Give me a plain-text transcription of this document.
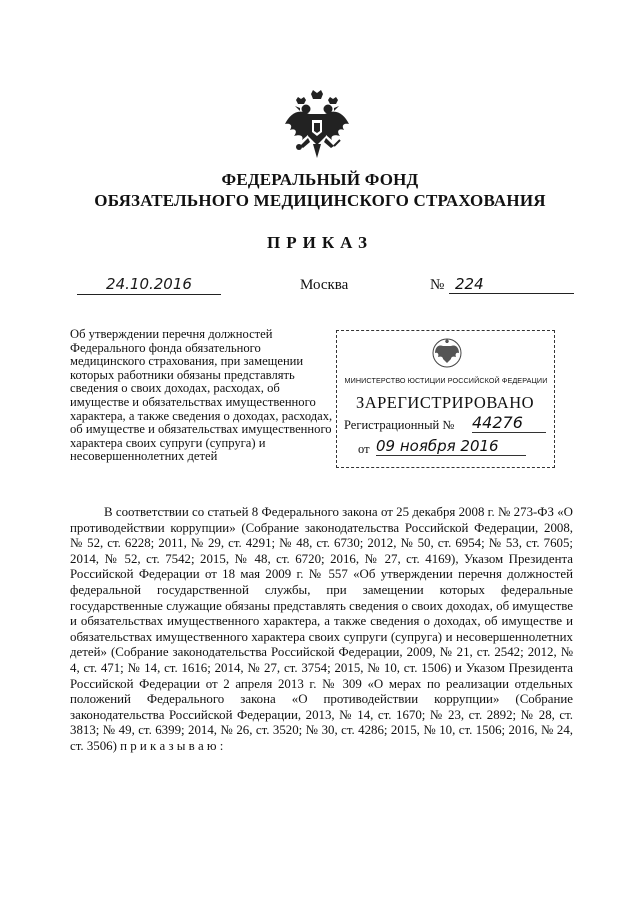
ФЕДЕРАЛЬНЫЙ ФОНД
ОБЯЗАТЕЛЬНОГО МЕДИЦИНСКОГО СТРАХОВАНИЯ
ПРИКАЗ
24.10.2016	Москва	№ 224
Об утверждении перечня должностей Федерального фонда обязательного медицинского страхования, при замещении которых работники обязаны представлять сведения о своих доходах, расходах, об имуществе и обязательствах имущественного характера, а также сведения о доходах, расходах, об имуществе и обязательствах имущественного характера своих супруги (супруга) и несовершеннолетних детей
МИНИСТЕРСТВО ЮСТИЦИИ РОССИЙСКОЙ ФЕДЕРАЦИИ
ЗАРЕГИСТРИРОВАНО
Регистрационный № 44276
от 09 ноября 2016
В соответствии со статьей 8 Федерального закона от 25 декабря 2008 г. № 273-ФЗ «О противодействии коррупции» (Собрание законодательства Российской Федерации, 2008, № 52, ст. 6228; 2011, № 29, ст. 4291; № 48, ст. 6730; 2012, № 50, ст. 6954; № 53, ст. 7605; 2014, № 52, ст. 7542; 2015, № 48, ст. 6720; 2016, № 27, ст. 4169), Указом Президента Российской Федерации от 18 мая 2009 г. № 557 «Об утверждении перечня должностей федеральной государственной службы, при замещении которых федеральные государственные служащие обязаны представлять сведения о своих доходах, об имуществе и обязательствах имущественного характера, а также сведения о доходах, об имуществе и обязательствах имущественного характера своих супруги (супруга) и несовершеннолетних детей» (Собрание законодательства Российской Федерации, 2009, № 21, ст. 2542; 2012, № 4, ст. 471; № 14, ст. 1616; 2014, № 27, ст. 3754; 2015, № 10, ст. 1506) и Указом Президента Российской Федерации от 2 апреля 2013 г. № 309 «О мерах по реализации отдельных положений Федерального закона «О противодействии коррупции» (Собрание законодательства Российской Федерации, 2013, № 14, ст. 1670; № 23, ст. 2892; № 28, ст. 3813; № 49, ст. 6399; 2014, № 26, ст. 3520; № 30, ст. 4286; 2015, № 10, ст. 1506; 2016, № 24, ст. 3506) п р и к а з ы в а ю :
